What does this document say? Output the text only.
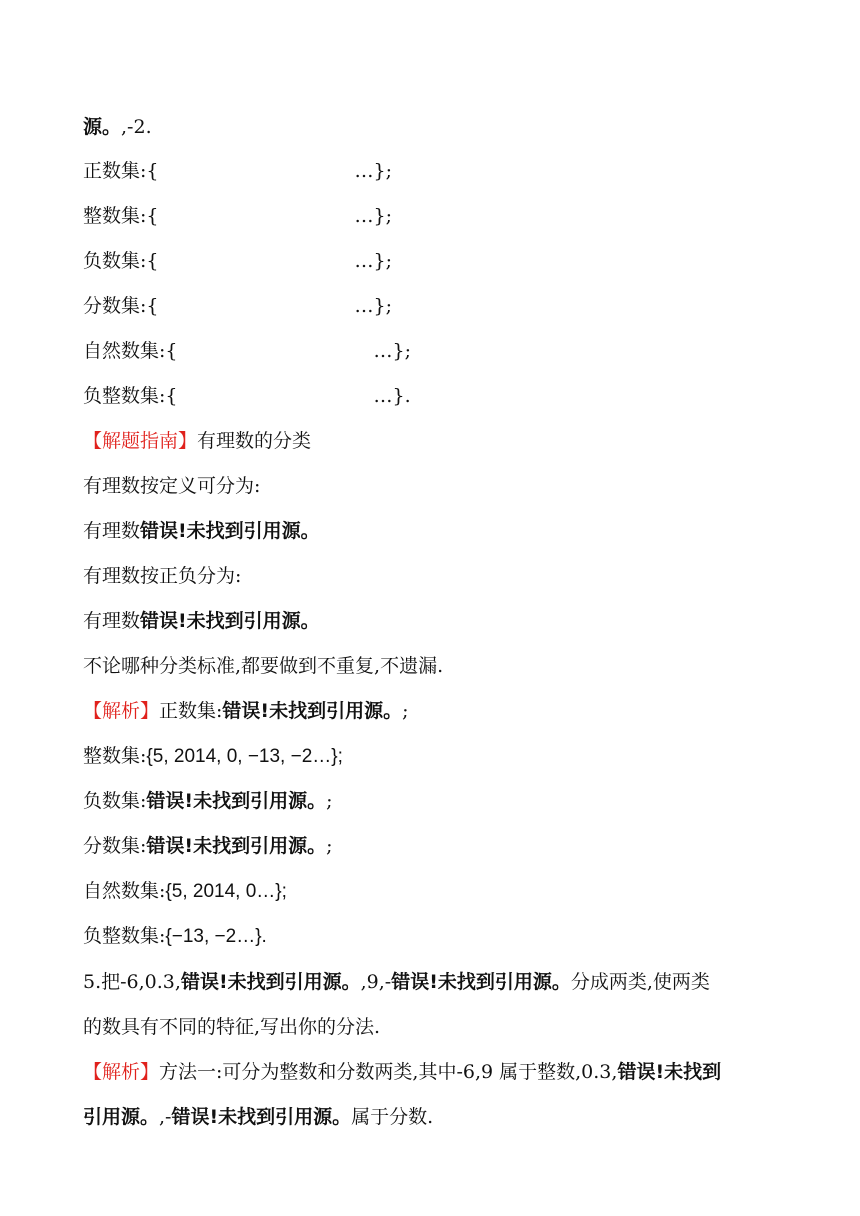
源。,-2.
正数集:{	…};
整数集:{	…};
负数集:{	…};
分数集:{	…};
自然数集:{	…};
负整数集:{	…}.
【解题指南】有理数的分类
有理数按定义可分为:
有理数错误!未找到引用源。
有理数按正负分为:
有理数错误!未找到引用源。
不论哪种分类标准,都要做到不重复,不遗漏.
【解析】正数集:错误!未找到引用源。;
整数集:{5, 2014, 0, −13, −2…};
负数集:错误!未找到引用源。;
分数集:错误!未找到引用源。;
自然数集:{5, 2014, 0…};
负整数集:{−13, −2…}.
5.把-6,0.3,错误!未找到引用源。,9,-错误!未找到引用源。分成两类,使两类
的数具有不同的特征,写出你的分法.
【解析】方法一:可分为整数和分数两类,其中-6,9 属于整数,0.3,错误!未找到
引用源。,-错误!未找到引用源。属于分数.
